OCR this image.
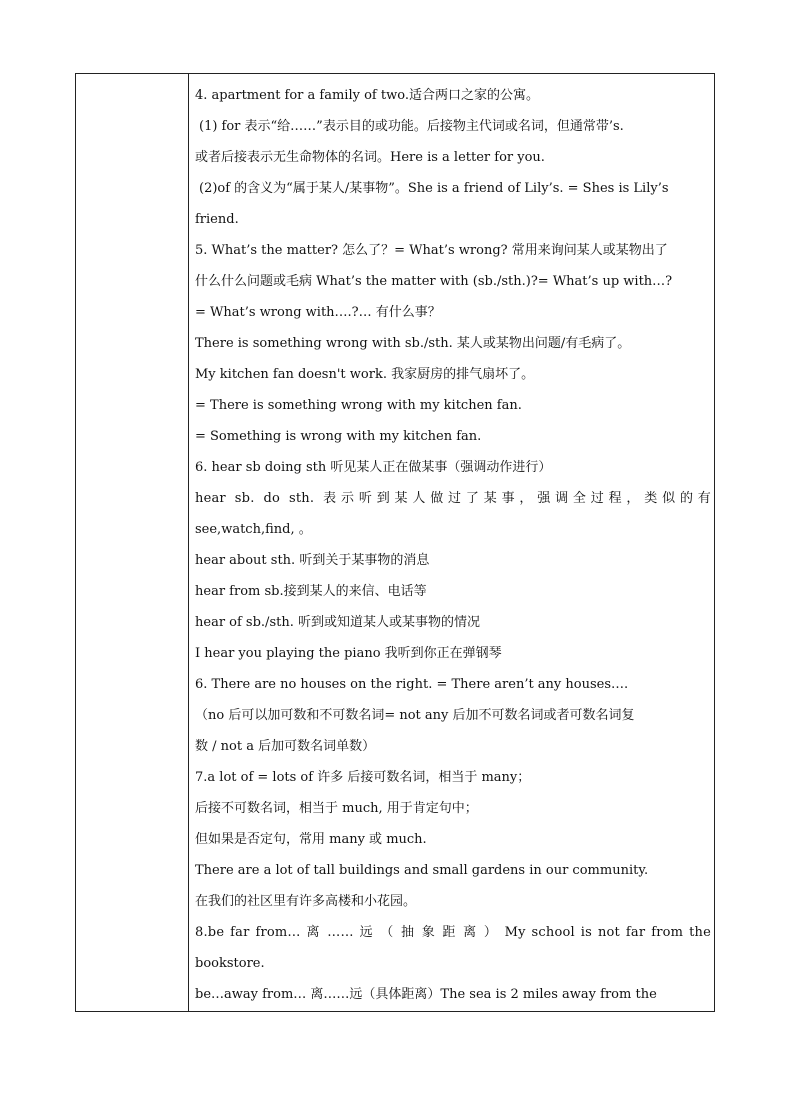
4. apartment for a family of two.适合两口之家的公寓。
(1) for 表示“给……”表示目的或功能。后接物主代词或名词，但通常带’s.
或者后接表示无生命物体的名词。Here is a letter for you.
(2)of 的含义为“属于某人/某事物”。She is a friend of Lily’s. = Shes is Lily’s
friend.
5. What’s the matter? 怎么了？= What’s wrong? 常用来询问某人或某物出了
什么什么问题或毛病 What’s the matter with (sb./sth.)?= What’s up with…?
= What’s wrong with….?… 有什么事？
There is something wrong with sb./sth. 某人或某物出问题/有毛病了。
My kitchen fan doesn't work. 我家厨房的排气扇坏了。
= There is something wrong with my kitchen fan.
= Something is wrong with my kitchen fan.
6. hear sb doing sth 听见某人正在做某事（强调动作进行）
hear sb. do sth. 表示听到某人做过了某事，强调全过程，类似的有
see,watch,find, 。
hear about sth. 听到关于某事物的消息
hear from sb.接到某人的来信、电话等
hear of sb./sth. 听到或知道某人或某事物的情况
I hear you playing the piano 我听到你正在弹钢琴
6. There are no houses on the right. = There aren’t any houses….
（no 后可以加可数和不可数名词= not any 后加不可数名词或者可数名词复
数 / not a 后加可数名词单数）
7.a lot of = lots of 许多 后接可数名词，相当于 many；
后接不可数名词，相当于 much, 用于肯定句中；
但如果是否定句，常用 many 或 much.
There are a lot of tall buildings and small gardens in our community.
在我们的社区里有许多高楼和小花园。
8.be far from… 离 …… 远 （ 抽 象 距 离 ） My school is not far from the
bookstore.
be…away from… 离……远（具体距离）The sea is 2 miles away from the
